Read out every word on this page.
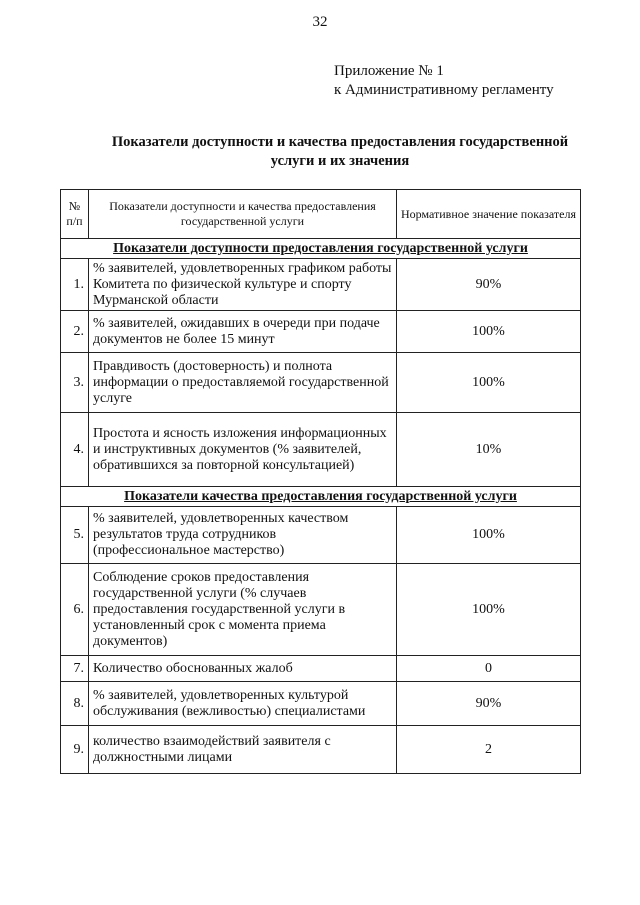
32
Приложение № 1
к Административному регламенту
Показатели доступности и качества предоставления государственной
услуги и их значения
№ п/п	Показатели доступности и качества предоставления государственной услуги	Нормативное значение показателя
Показатели доступности предоставления государственной услуги		
1.	% заявителей, удовлетворенных графиком работы Комитета по физической культуре и спорту Мурманской области	90%
2.	% заявителей, ожидавших в очереди при подаче документов не более 15 минут	100%
3.	Правдивость (достоверность) и полнота информации о предоставляемой государственной услуге	100%
4.	Простота и ясность изложения информационных и инструктивных документов (% заявителей, обратившихся за повторной консультацией)	10%
Показатели качества предоставления государственной услуги		
5.	% заявителей, удовлетворенных качеством результатов труда сотрудников (профессиональное мастерство)	100%
6.	Соблюдение сроков предоставления государственной услуги (% случаев предоставления государственной услуги в установленный срок с момента приема документов)	100%
7.	Количество обоснованных жалоб	0
8.	% заявителей, удовлетворенных культурой обслуживания (вежливостью) специалистами	90%
9.	количество взаимодействий заявителя с должностными лицами	2
